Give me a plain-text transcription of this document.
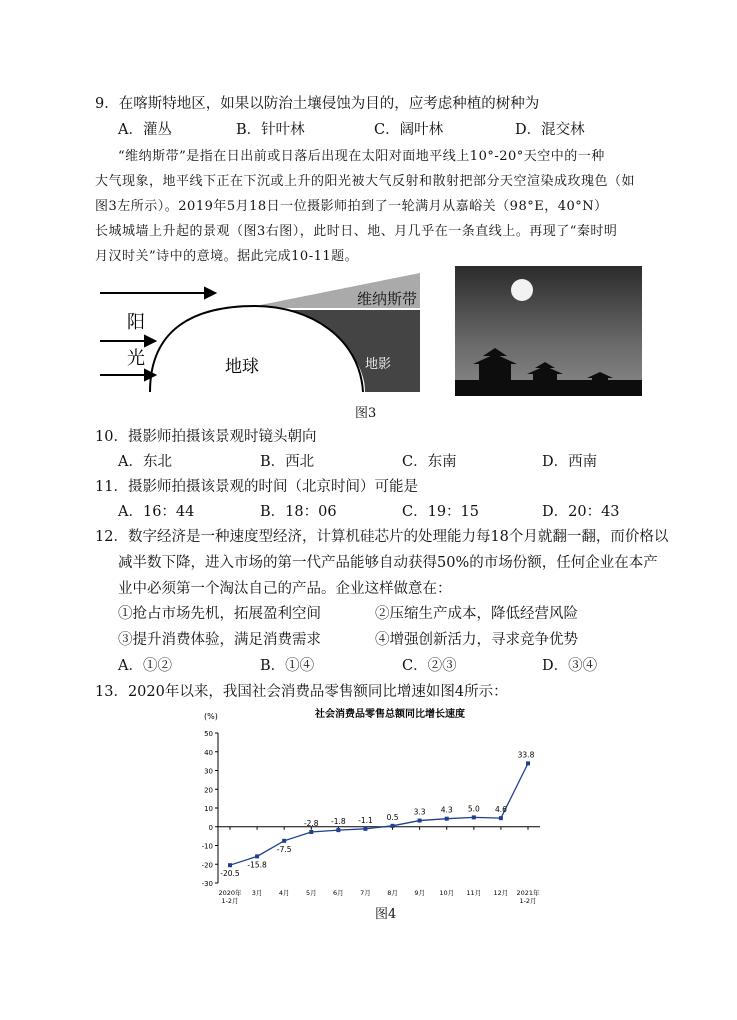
9．在喀斯特地区，如果以防治土壤侵蚀为目的，应考虑种植的树种为
A．灌丛	B．针叶林	C．阔叶林	D．混交林
“维纳斯带”是指在日出前或日落后出现在太阳对面地平线上10°-20°天空中的一种
大气现象，地平线下正在下沉或上升的阳光被大气反射和散射把部分天空渲染成玫瑰色（如
图3左所示）。2019年5月18日一位摄影师拍到了一轮满月从嘉峪关（98°E，40°N）
长城城墙上升起的景观（图3右图），此时日、地、月几乎在一条直线上。再现了“秦时明
月汉时关”诗中的意境。据此完成10-11题。
阳
光	地球
维纳斯带
地影
图3
10．摄影师拍摄该景观时镜头朝向
A．东北	B．西北	C．东南	D．西南
11．摄影师拍摄该景观的时间（北京时间）可能是
A．16：44	B．18：06	C．19：15	D．20：43
12．数字经济是一种速度型经济，计算机硅芯片的处理能力每18个月就翻一翻，而价格以
减半数下降，进入市场的第一代产品能够自动获得50%的市场份额，任何企业在本产
业中必须第一个淘汰自己的产品。企业这样做意在：
①抢占市场先机，拓展盈利空间	②压缩生产成本，降低经营风险
③提升消费体验，满足消费需求	④增强创新活力，寻求竞争优势
A．①②	B．①④	C．②③	D．③④
13．2020年以来，我国社会消费品零售额同比增速如图4所示：
社会消费品零售总额同比增长速度
(%)
50
40
30
20
10
0
-10
-20
-30
2020年
1-2月
3月	4月	5月	6月	7月	8月	9月 10月 11月 12月 2021年
1-2月
-20.5
-15.8
-7.5
-2.8 -1.8 -1.1 0.5
3.3 4.3 5.0 4.6
33.8
图4
